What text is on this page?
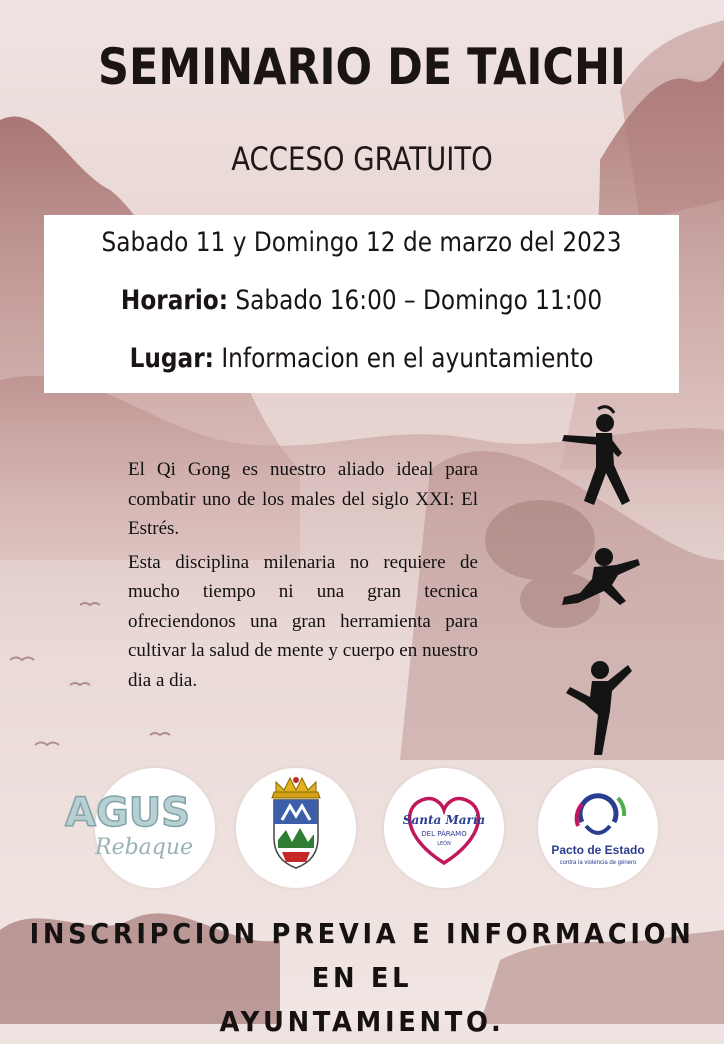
SEMINARIO DE TAICHI
ACCESO GRATUITO
Sabado 11 y Domingo 12 de marzo del 2023
Horario: Sabado 16:00 – Domingo 11:00
Lugar: Informacion en el ayuntamiento

El Qi Gong es nuestro aliado ideal para combatir uno de los males del siglo XXI: El Estrés.

Esta disciplina milenaria no requiere de mucho tiempo ni una gran tecnica ofreciendonos una gran herramienta para cultivar la salud de mente y cuerpo en nuestro dia a dia.

AGUS
Rebaque
Santa María
DEL PÁRAMO
LEÓN	Pacto de Estado
contra la violencia de género
INSCRIPCION PREVIA E INFORMACION EN EL
AYUNTAMIENTO.
